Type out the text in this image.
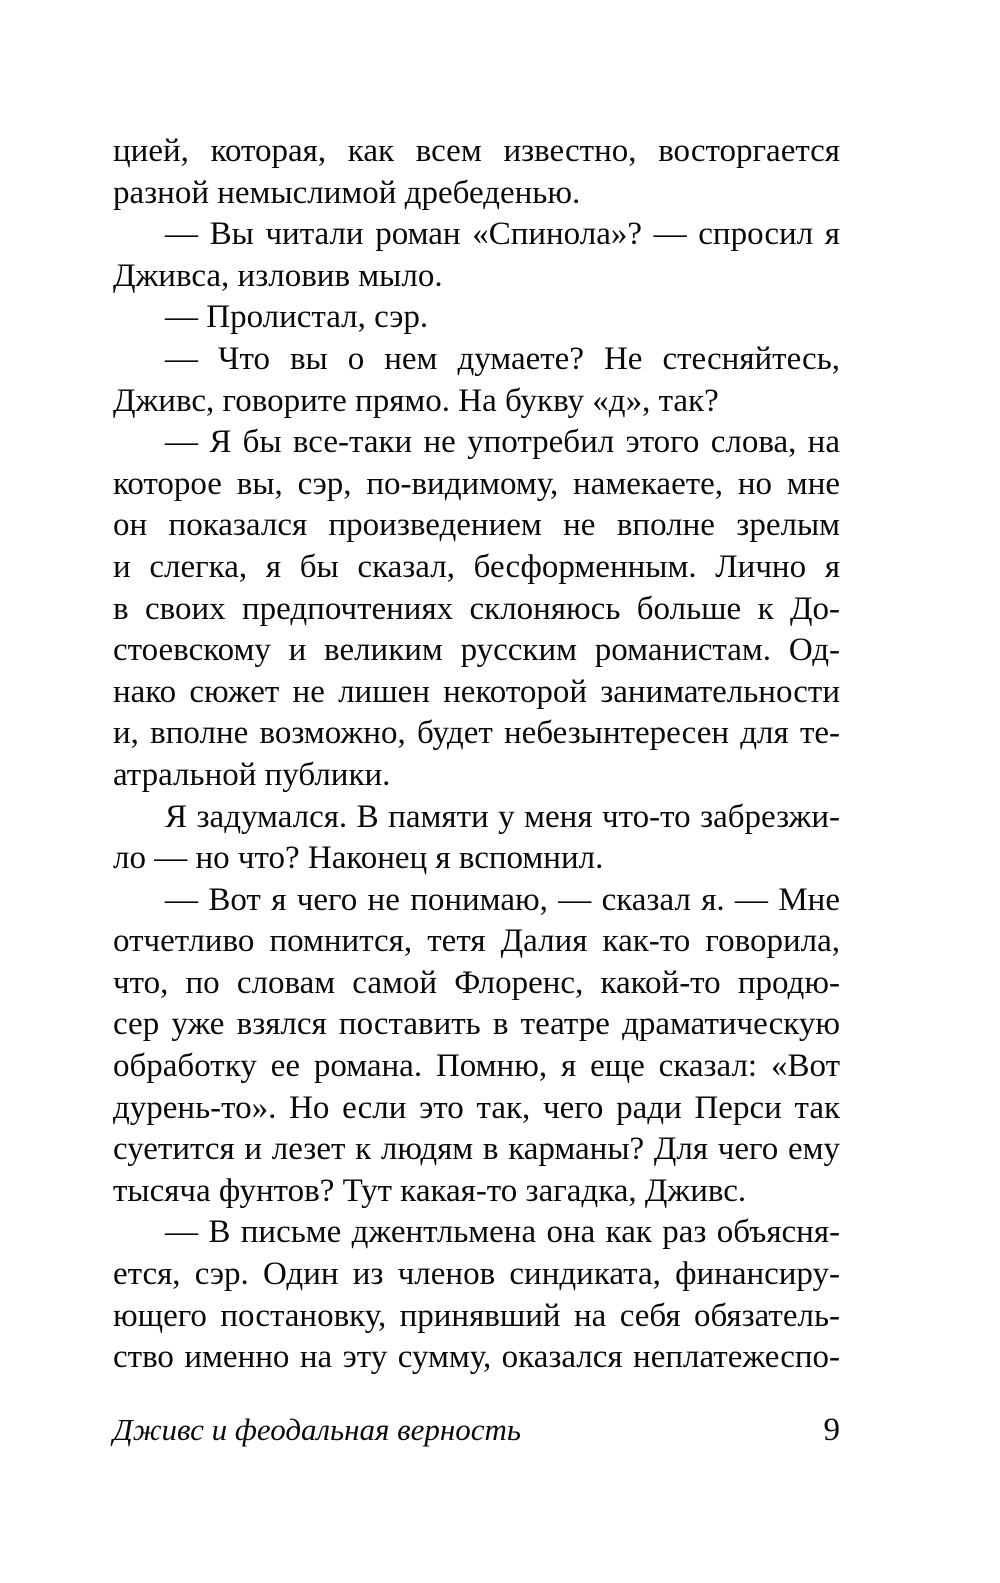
цией, которая, как всем известно, восторгается
разной немыслимой дребеденью.
— Вы читали роман «Спинола»? — спросил я
Дживса, изловив мыло.
— Пролистал, сэр.
— Что вы о нем думаете? Не стесняйтесь,
Дживс, говорите прямо. На букву «д», так?
— Я бы все-таки не употребил этого слова, на
которое вы, сэр, по-видимому, намекаете, но мне
он показался произведением не вполне зрелым
и слегка, я бы сказал, бесформенным. Лично я
в своих предпочтениях склоняюсь больше к До-
стоевскому и великим русским романистам. Од-
нако сюжет не лишен некоторой занимательности
и, вполне возможно, будет небезынтересен для те-
атральной публики.
Я задумался. В памяти у меня что-то забрезжи-
ло — но что? Наконец я вспомнил.
— Вот я чего не понимаю, — сказал я. — Мне
отчетливо помнится, тетя Далия как-то говорила,
что, по словам самой Флоренс, какой-то продю-
сер уже взялся поставить в театре драматическую
обработку ее романа. Помню, я еще сказал: «Вот
дурень-то». Но если это так, чего ради Перси так
суетится и лезет к людям в карманы? Для чего ему
тысяча фунтов? Тут какая-то загадка, Дживс.
— В письме джентльмена она как раз объясня-
ется, сэр. Один из членов синдиката, финансиру-
ющего постановку, принявший на себя обязатель-
ство именно на эту сумму, оказался неплатежеспо-
Дживс и феодальная верность	9
